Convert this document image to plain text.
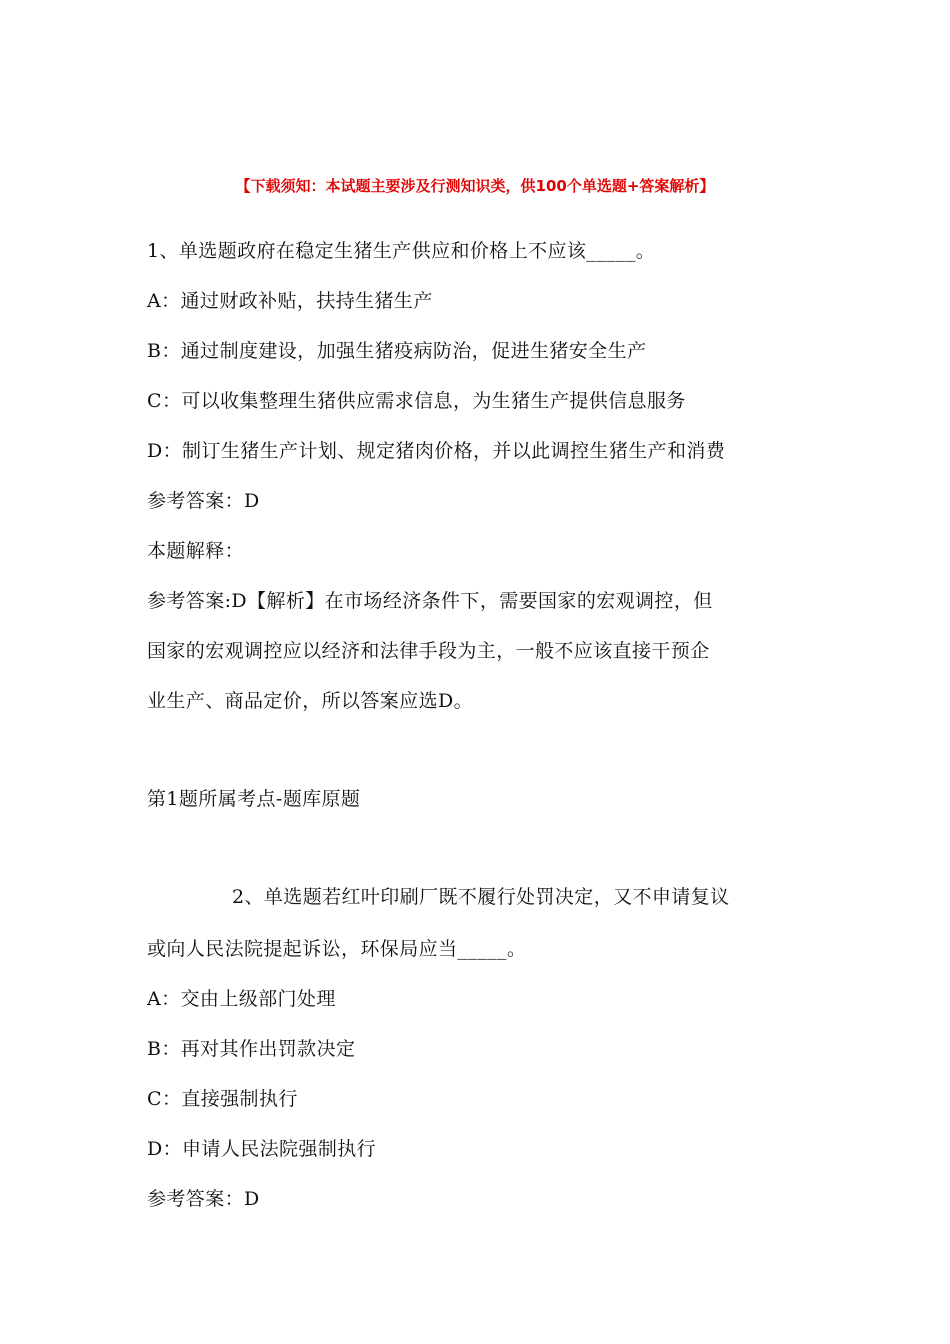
【下载须知：本试题主要涉及行测知识类，供100个单选题+答案解析】
1、单选题政府在稳定生猪生产供应和价格上不应该_____。
A：通过财政补贴，扶持生猪生产
B：通过制度建设，加强生猪疫病防治，促进生猪安全生产
C：可以收集整理生猪供应需求信息，为生猪生产提供信息服务
D：制订生猪生产计划、规定猪肉价格，并以此调控生猪生产和消费
参考答案：D
本题解释：
参考答案:D【解析】在市场经济条件下，需要国家的宏观调控，但
国家的宏观调控应以经济和法律手段为主，一般不应该直接干预企
业生产、商品定价，所以答案应选D。
第1题所属考点-题库原题
2、单选题若红叶印刷厂既不履行处罚决定，又不申请复议
或向人民法院提起诉讼，环保局应当_____。
A：交由上级部门处理
B：再对其作出罚款决定
C：直接强制执行
D：申请人民法院强制执行
参考答案：D
